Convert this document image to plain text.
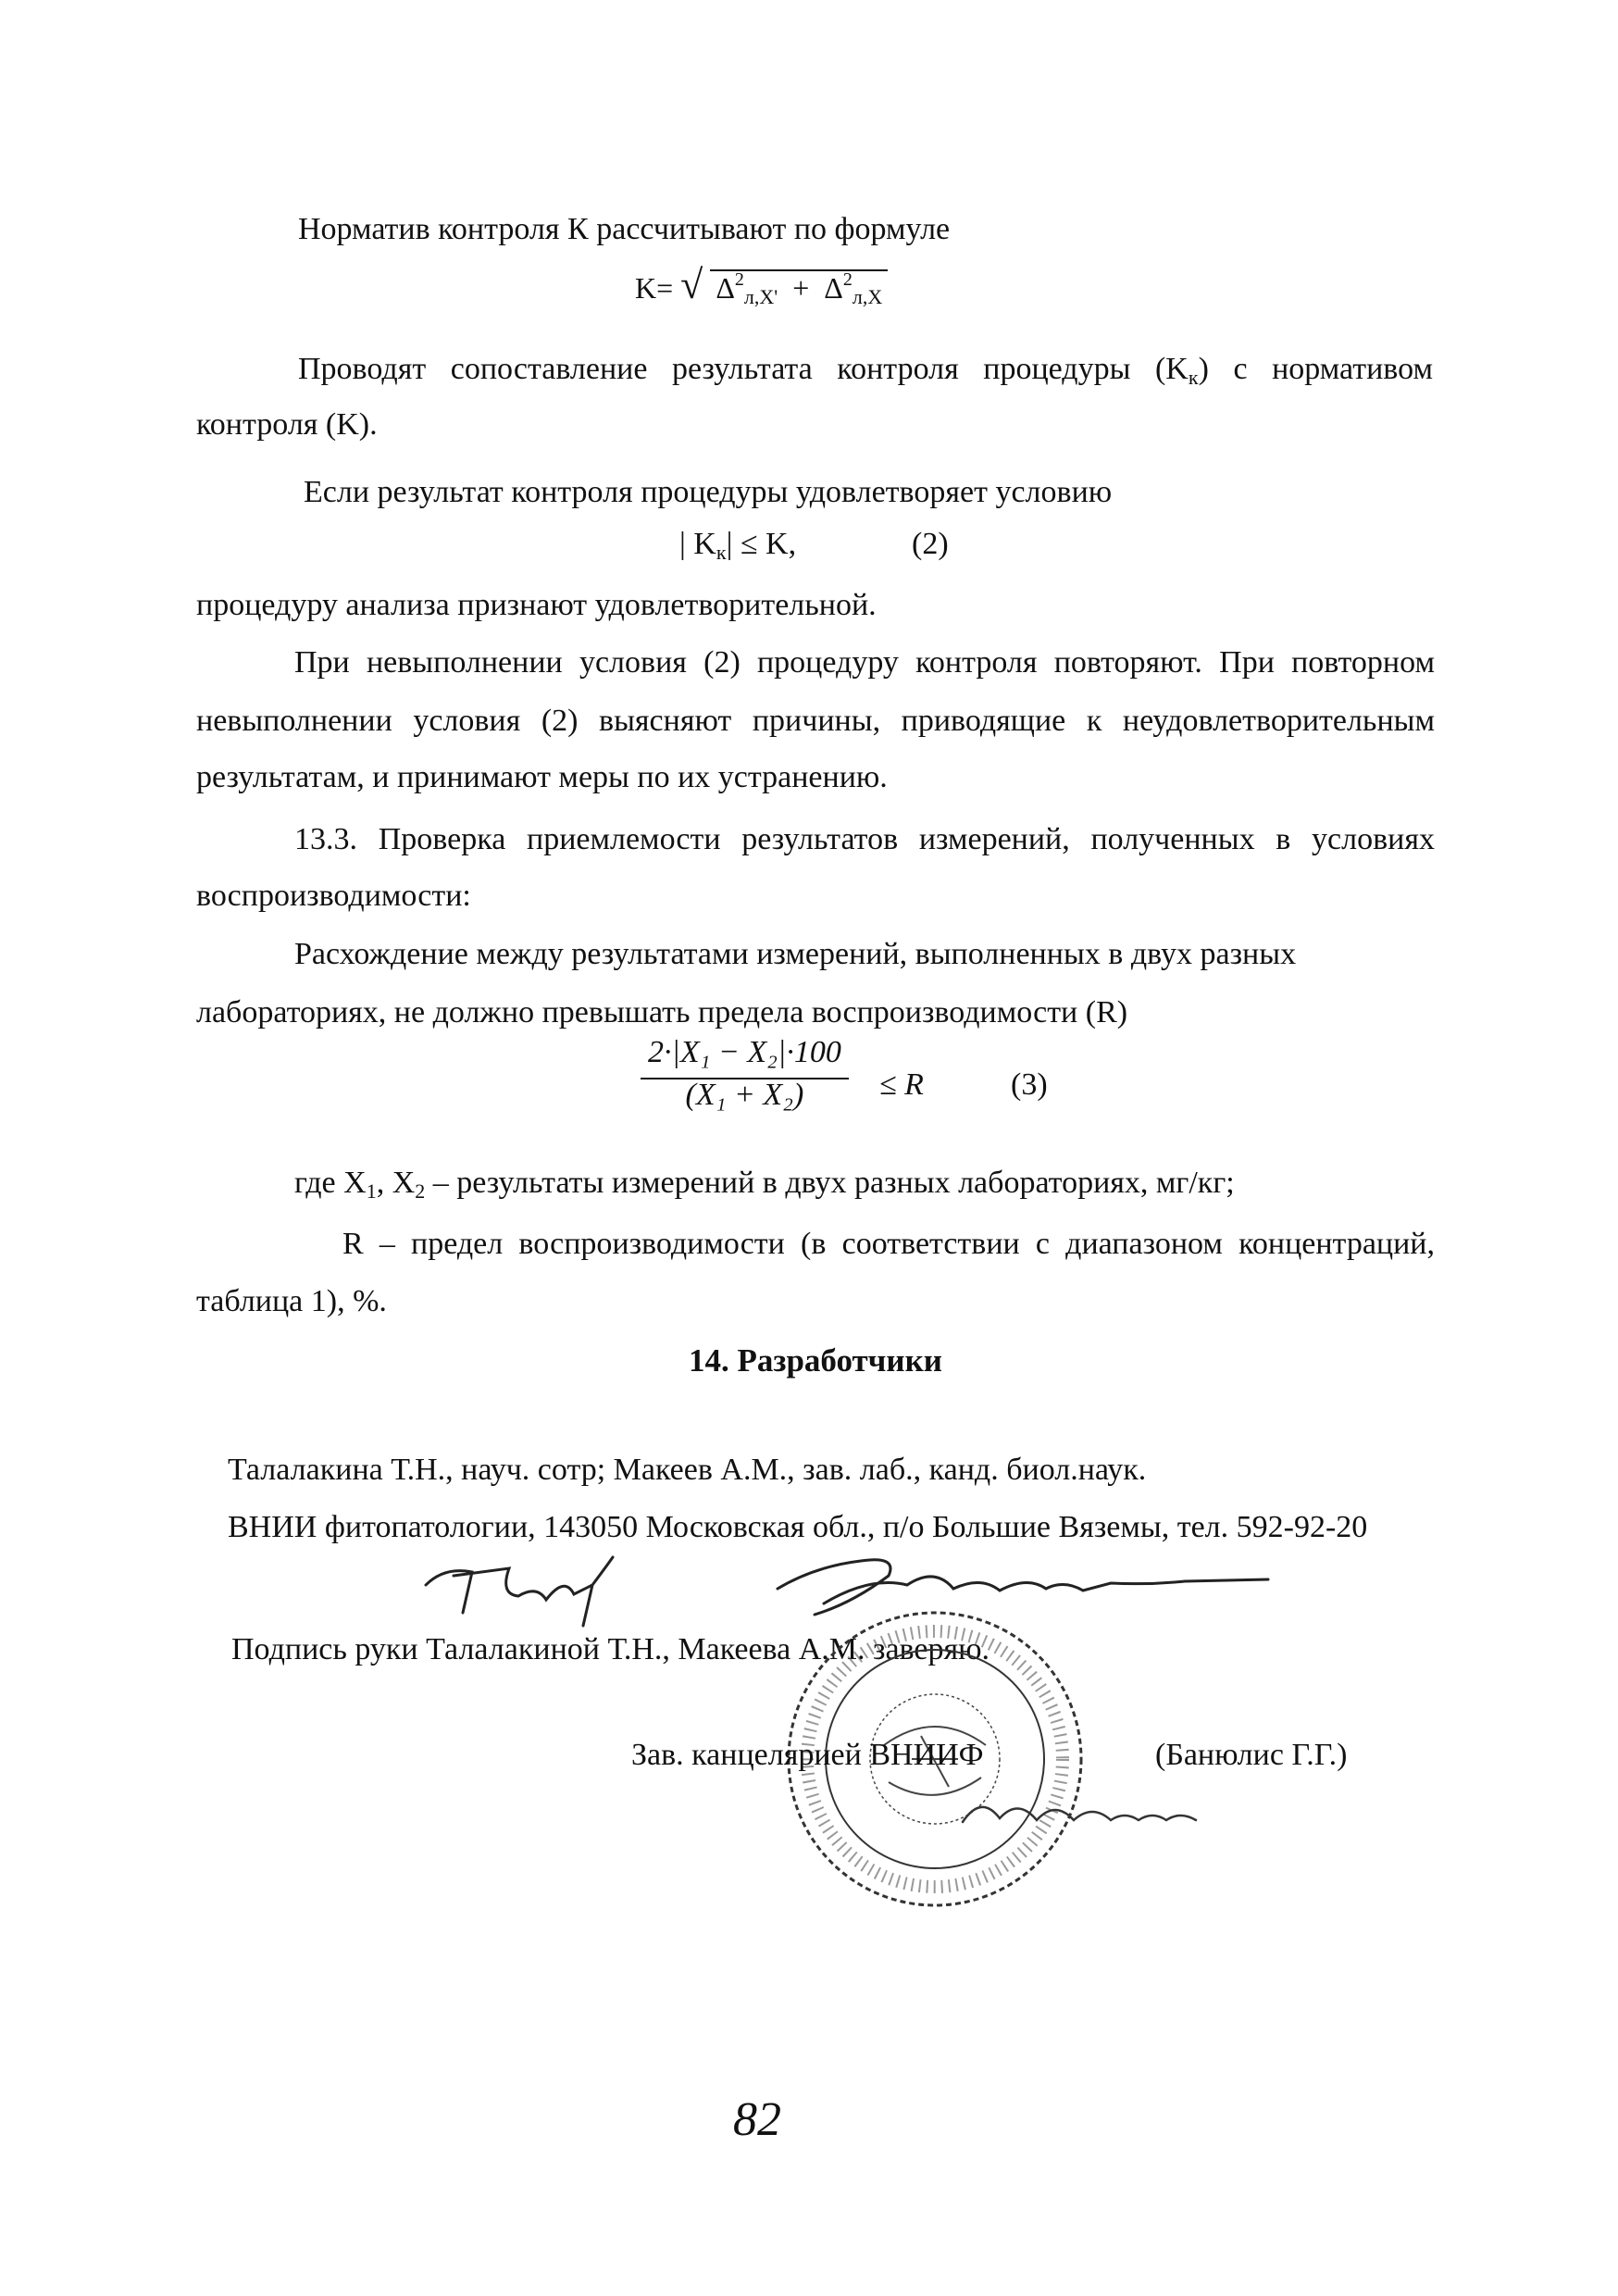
Норматив контроля К рассчитывают по формуле
K= √ $\Delta^2_{л,X'} + \Delta^2_{л,X}$
Проводят сопоставление результата контроля процедуры $(K_к)$ с нормативом
контроля (K).
Если результат контроля процедуры удовлетворяет условию
| $K_к| \le K$,	(2)
процедуру анализа признают удовлетворительной.
При невыполнении условия (2) процедуру контроля повторяют. При повторном
невыполнении условия (2) выясняют причины, приводящие к неудовлетворительным
результатам, и принимают меры по их устранению.
13.3. Проверка приемлемости результатов измерений, полученных в условиях
воспроизводимости:
Расхождение между результатами измерений, выполненных в двух разных
лабораториях, не должно превышать предела воспроизводимости (R)
2·|X₁ − X₂|·100
(X₁ + X₂)	≤ R	(3)
где $X_1$, $X_2$ – результаты измерений в двух разных лабораториях, мг/кг;
R – предел воспроизводимости (в соответствии с диапазоном концентраций,
таблица 1), %.
14. Разработчики
Талалакина Т.Н., науч. сотр; Макеев А.М., зав. лаб., канд. биол.наук.
ВНИИ фитопатологии, 143050 Московская обл., п/о Большие Вяземы, тел. 592-92-20
Подпись руки Талалакиной Т.Н., Макеева А.М. заверяю.
Зав. канцелярией ВНИИФ	(Банюлис Г.Г.)
82
